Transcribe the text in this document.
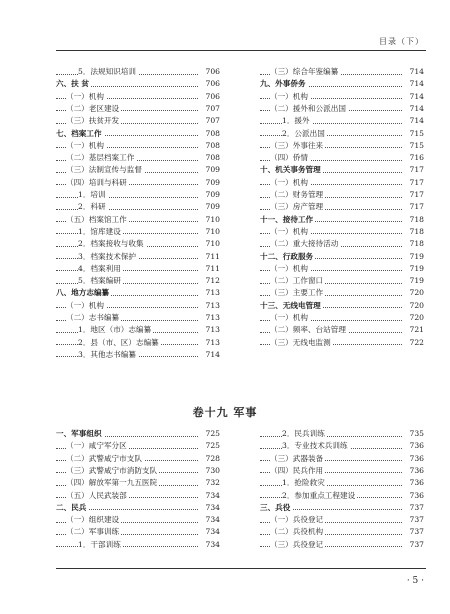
目录（下）
5．法规知识培训	706
六、扶 贫	706
（一）机构	706
（二）老区建设	707
（三）扶贫开发	707
七、档案工作	708
（一）机构	708
（二）基层档案工作	708
（三）法制宣传与监督	709
（四）培训与科研	709
1．培训	709
2．科研	709
（五）档案馆工作	710
1．馆库建设	710
2．档案接收与收集	710
3．档案技术保护	711
4．档案利用	711
5．档案编研	712
八、地方志编纂	713
（一）机构	713
（二）志书编纂	713
1．地区（市）志编纂	713
2．县（市、区）志编纂	713
3．其他志书编纂	714
（三）综合年鉴编纂	714
九、外事侨务	714
（一）机构	714
（二）援外和公派出国	714
1．援外	714
2．公派出国	715
（三）外事往来	715
（四）侨情	716
十、机关事务管理	717
（一）机构	717
（二）财务管理	717
（三）房产管理	717
十一、接待工作	718
（一）机构	718
（二）重大接待活动	718
十二、行政服务	719
（一）机构	719
（二）工作窗口	719
（三）主要工作	720
十三、无线电管理	720
（一）机构	720
（二）频率、台站管理	721
（三）无线电监测	722
卷十九 军事
一、军事组织	725
（一）咸宁军分区	725
（二）武警咸宁市支队	728
（三）武警咸宁市消防支队	730
（四）解放军第一九五医院	732
（五）人民武装部	734
二、民兵	734
（一）组织建设	734
（二）军事训练	734
1．干部训练	734
2．民兵训练	735
3．专业技术兵训练	736
（三）武器装备	736
（四）民兵作用	736
1．抢险救灾	736
2．参加重点工程建设	736
三、兵役	737
（一）兵役登记	737
（二）兵役机构	737
（三）兵役登记	737
· 5 ·
